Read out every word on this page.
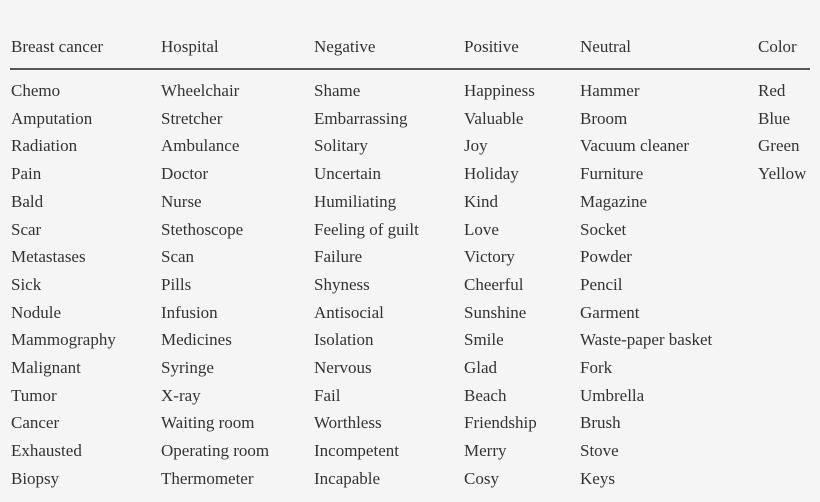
Breast cancer	Hospital	Negative	Positive	Neutral	Color
Chemo	Wheelchair	Shame	Happiness	Hammer	Red
Amputation	Stretcher	Embarrassing	Valuable	Broom	Blue
Radiation	Ambulance	Solitary	Joy	Vacuum cleaner	Green
Pain	Doctor	Uncertain	Holiday	Furniture	Yellow
Bald	Nurse	Humiliating	Kind	Magazine
Scar	Stethoscope	Feeling of guilt	Love	Socket
Metastases	Scan	Failure	Victory	Powder
Sick	Pills	Shyness	Cheerful	Pencil
Nodule	Infusion	Antisocial	Sunshine	Garment
Mammography	Medicines	Isolation	Smile	Waste-paper basket
Malignant	Syringe	Nervous	Glad	Fork
Tumor	X-ray	Fail	Beach	Umbrella
Cancer	Waiting room	Worthless	Friendship	Brush
Exhausted	Operating room	Incompetent	Merry	Stove
Biopsy	Thermometer	Incapable	Cosy	Keys
